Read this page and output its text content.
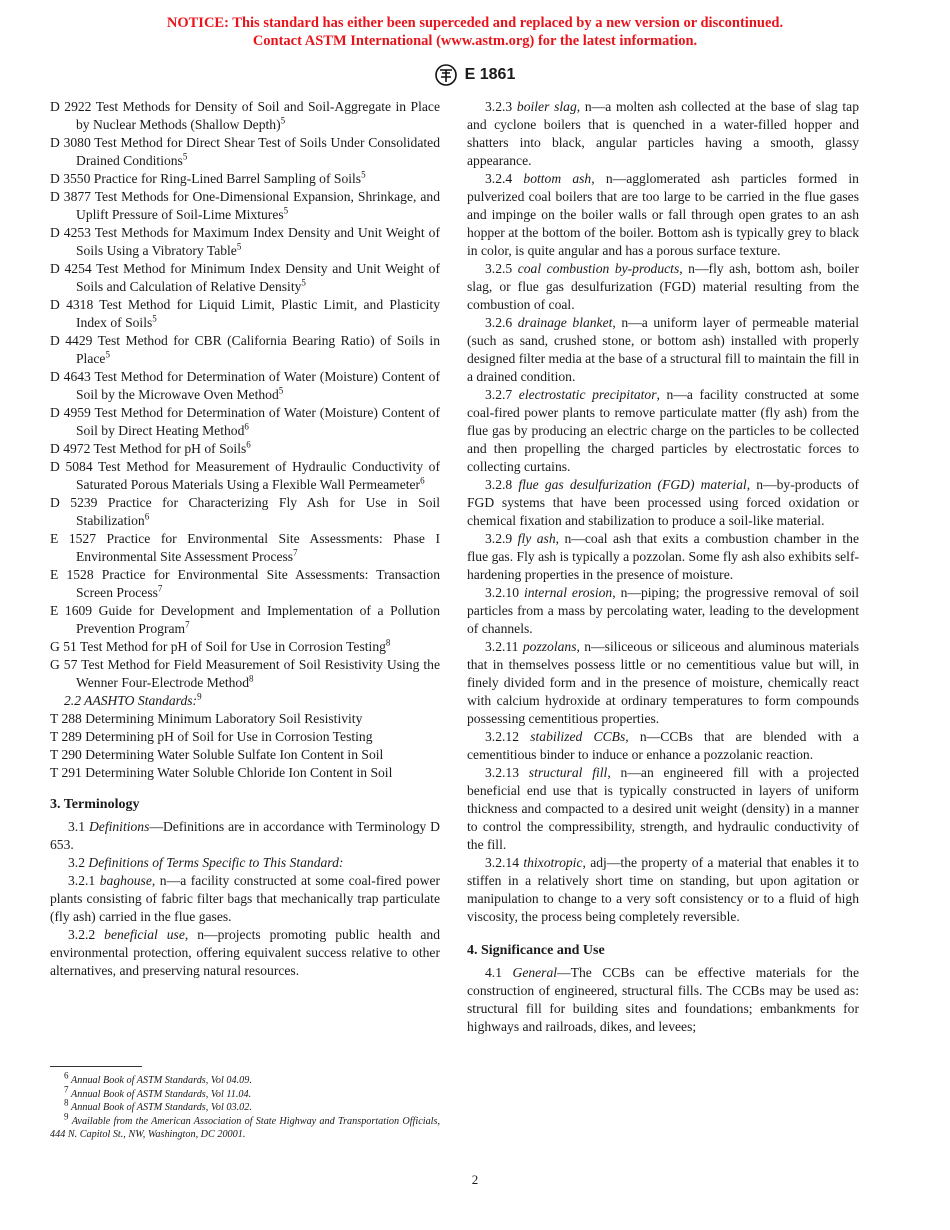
NOTICE: This standard has either been superceded and replaced by a new version or discontinued.
Contact ASTM International (www.astm.org) for the latest information.
E 1861

D 2922 Test Methods for Density of Soil and Soil-Aggregate in Place by Nuclear Methods (Shallow Depth)$^5$

D 3080 Test Method for Direct Shear Test of Soils Under Consolidated Drained Conditions$^5$

D 3550 Practice for Ring-Lined Barrel Sampling of Soils$^5$

D 3877 Test Methods for One-Dimensional Expansion, Shrinkage, and Uplift Pressure of Soil-Lime Mixtures$^5$

D 4253 Test Methods for Maximum Index Density and Unit Weight of Soils Using a Vibratory Table$^5$

D 4254 Test Method for Minimum Index Density and Unit Weight of Soils and Calculation of Relative Density$^5$

D 4318 Test Method for Liquid Limit, Plastic Limit, and Plasticity Index of Soils$^5$

D 4429 Test Method for CBR (California Bearing Ratio) of Soils in Place$^5$

D 4643 Test Method for Determination of Water (Moisture) Content of Soil by the Microwave Oven Method$^5$

D 4959 Test Method for Determination of Water (Moisture) Content of Soil by Direct Heating Method$^6$

D 4972 Test Method for pH of Soils$^6$

D 5084 Test Method for Measurement of Hydraulic Conductivity of Saturated Porous Materials Using a Flexible Wall Permeameter$^6$

D 5239 Practice for Characterizing Fly Ash for Use in Soil Stabilization$^6$

E 1527 Practice for Environmental Site Assessments: Phase I Environmental Site Assessment Process$^7$

E 1528 Practice for Environmental Site Assessments: Transaction Screen Process$^7$

E 1609 Guide for Development and Implementation of a Pollution Prevention Program$^7$

G 51 Test Method for pH of Soil for Use in Corrosion Testing$^8$

G 57 Test Method for Field Measurement of Soil Resistivity Using the Wenner Four-Electrode Method$^8$

2.2 AASHTO Standards:$^9$

T 288 Determining Minimum Laboratory Soil Resistivity

T 289 Determining pH of Soil for Use in Corrosion Testing

T 290 Determining Water Soluble Sulfate Ion Content in Soil

T 291 Determining Water Soluble Chloride Ion Content in Soil

3. Terminology

3.1 Definitions—Definitions are in accordance with Terminology D 653.

3.2 Definitions of Terms Specific to This Standard:

3.2.1 baghouse, n—a facility constructed at some coal-fired power plants consisting of fabric filter bags that mechanically trap particulate (fly ash) carried in the flue gases.

3.2.2 beneficial use, n—projects promoting public health and environmental protection, offering equivalent success relative to other alternatives, and preserving natural resources.

$^6$ Annual Book of ASTM Standards, Vol 04.09.

$^7$ Annual Book of ASTM Standards, Vol 11.04.

$^8$ Annual Book of ASTM Standards, Vol 03.02.

$^9$ Available from the American Association of State Highway and Transportation Officials, 444 N. Capitol St., NW, Washington, DC 20001.

3.2.3 boiler slag, n—a molten ash collected at the base of slag tap and cyclone boilers that is quenched in a water-filled hopper and shatters into black, angular particles having a smooth, glassy appearance.

3.2.4 bottom ash, n—agglomerated ash particles formed in pulverized coal boilers that are too large to be carried in the flue gases and impinge on the boiler walls or fall through open grates to an ash hopper at the bottom of the boiler. Bottom ash is typically grey to black in color, is quite angular and has a porous surface texture.

3.2.5 coal combustion by-products, n—fly ash, bottom ash, boiler slag, or flue gas desulfurization (FGD) material resulting from the combustion of coal.

3.2.6 drainage blanket, n—a uniform layer of permeable material (such as sand, crushed stone, or bottom ash) installed with properly designed filter media at the base of a structural fill to maintain the fill in a drained condition.

3.2.7 electrostatic precipitator, n—a facility constructed at some coal-fired power plants to remove particulate matter (fly ash) from the flue gas by producing an electric charge on the particles to be collected and then propelling the charged particles by electrostatic forces to collecting curtains.

3.2.8 flue gas desulfurization (FGD) material, n—by-products of FGD systems that have been processed using forced oxidation or chemical fixation and stabilization to produce a soil-like material.

3.2.9 fly ash, n—coal ash that exits a combustion chamber in the flue gas. Fly ash is typically a pozzolan. Some fly ash also exhibits self-hardening properties in the presence of moisture.

3.2.10 internal erosion, n—piping; the progressive removal of soil particles from a mass by percolating water, leading to the development of channels.

3.2.11 pozzolans, n—siliceous or siliceous and aluminous materials that in themselves possess little or no cementitious value but will, in finely divided form and in the presence of moisture, chemically react with calcium hydroxide at ordinary temperatures to form compounds possessing cementitious properties.

3.2.12 stabilized CCBs, n—CCBs that are blended with a cementitious binder to induce or enhance a pozzolanic reaction.

3.2.13 structural fill, n—an engineered fill with a projected beneficial end use that is typically constructed in layers of uniform thickness and compacted to a desired unit weight (density) in a manner to control the compressibility, strength, and hydraulic conductivity of the fill.

3.2.14 thixotropic, adj—the property of a material that enables it to stiffen in a relatively short time on standing, but upon agitation or manipulation to change to a very soft consistency or to a fluid of high viscosity, the process being completely reversible.

4. Significance and Use

4.1 General—The CCBs can be effective materials for the construction of engineered, structural fills. The CCBs may be used as: structural fill for building sites and foundations; embankments for highways and railroads, dikes, and levees;

2
